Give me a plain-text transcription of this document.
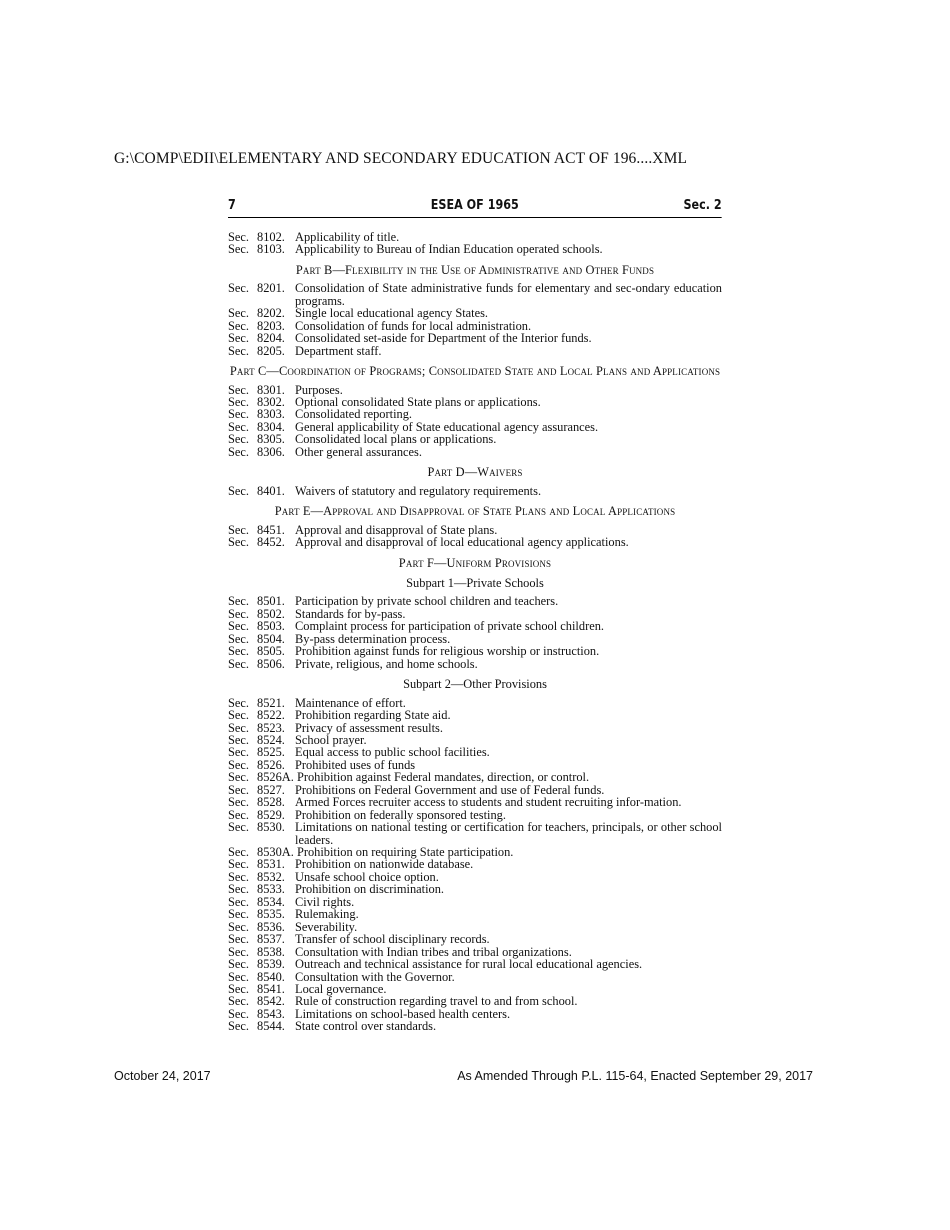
G:\COMP\EDII\ELEMENTARY AND SECONDARY EDUCATION ACT OF 196....XML
7	ESEA OF 1965	Sec. 2
Sec. 8102. Applicability of title.
Sec. 8103. Applicability to Bureau of Indian Education operated schools.
Part B—Flexibility in the Use of Administrative and Other Funds
Sec. 8201. Consolidation of State administrative funds for elementary and sec-ondary education programs.
Sec. 8202. Single local educational agency States.
Sec. 8203. Consolidation of funds for local administration.
Sec. 8204. Consolidated set-aside for Department of the Interior funds.
Sec. 8205. Department staff.
Part C—Coordination of Programs; Consolidated State and Local Plans and Applications
Sec. 8301. Purposes.
Sec. 8302. Optional consolidated State plans or applications.
Sec. 8303. Consolidated reporting.
Sec. 8304. General applicability of State educational agency assurances.
Sec. 8305. Consolidated local plans or applications.
Sec. 8306. Other general assurances.
Part D—Waivers
Sec. 8401. Waivers of statutory and regulatory requirements.
Part E—Approval and Disapproval of State Plans and Local Applications
Sec. 8451. Approval and disapproval of State plans.
Sec. 8452. Approval and disapproval of local educational agency applications.
Part F—Uniform Provisions
Subpart 1—Private Schools
Sec. 8501. Participation by private school children and teachers.
Sec. 8502. Standards for by-pass.
Sec. 8503. Complaint process for participation of private school children.
Sec. 8504. By-pass determination process.
Sec. 8505. Prohibition against funds for religious worship or instruction.
Sec. 8506. Private, religious, and home schools.
Subpart 2—Other Provisions
Sec. 8521. Maintenance of effort.
Sec. 8522. Prohibition regarding State aid.
Sec. 8523. Privacy of assessment results.
Sec. 8524. School prayer.
Sec. 8525. Equal access to public school facilities.
Sec. 8526. Prohibited uses of funds
Sec. 8526A. Prohibition against Federal mandates, direction, or control.
Sec. 8527. Prohibitions on Federal Government and use of Federal funds.
Sec. 8528. Armed Forces recruiter access to students and student recruiting infor-mation.
Sec. 8529. Prohibition on federally sponsored testing.
Sec. 8530. Limitations on national testing or certification for teachers, principals, or other school leaders.
Sec. 8530A. Prohibition on requiring State participation.
Sec. 8531. Prohibition on nationwide database.
Sec. 8532. Unsafe school choice option.
Sec. 8533. Prohibition on discrimination.
Sec. 8534. Civil rights.
Sec. 8535. Rulemaking.
Sec. 8536. Severability.
Sec. 8537. Transfer of school disciplinary records.
Sec. 8538. Consultation with Indian tribes and tribal organizations.
Sec. 8539. Outreach and technical assistance for rural local educational agencies.
Sec. 8540. Consultation with the Governor.
Sec. 8541. Local governance.
Sec. 8542. Rule of construction regarding travel to and from school.
Sec. 8543. Limitations on school-based health centers.
Sec. 8544. State control over standards.
October 24, 2017	As Amended Through P.L. 115-64, Enacted September 29, 2017
